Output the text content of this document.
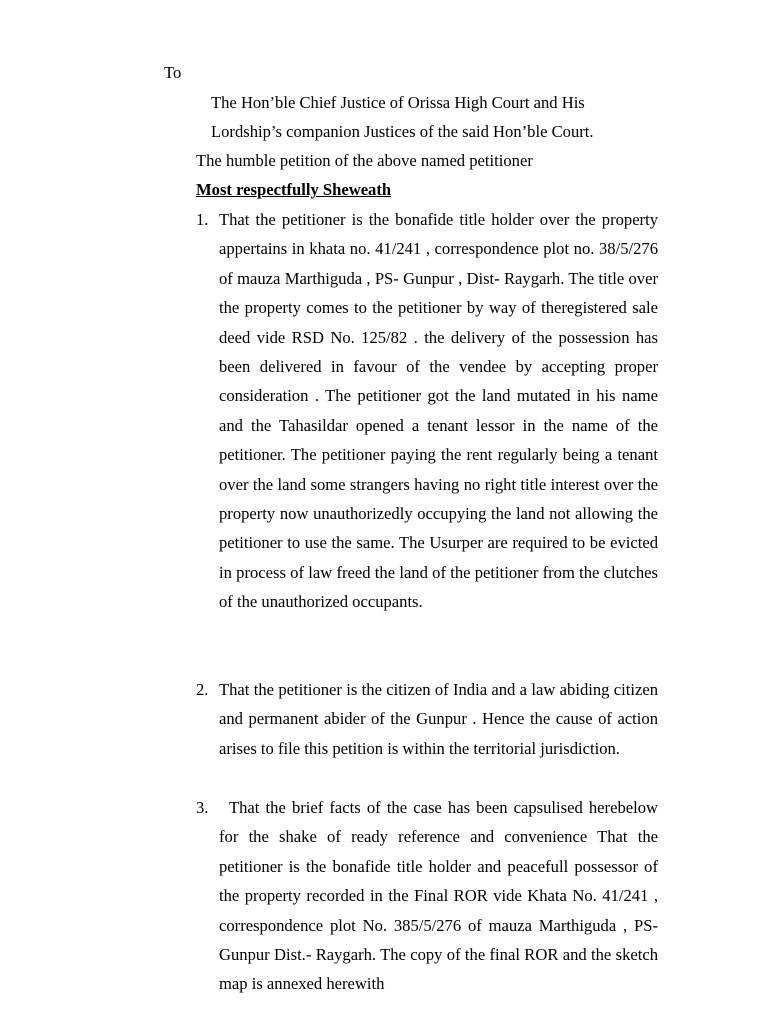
To
The Hon’ble Chief Justice of Orissa High Court and His
Lordship’s companion Justices of the said Hon’ble Court.
The humble petition of the above named petitioner
Most respectfully Sheweath
1. That the petitioner is the bonafide title holder over the property appertains in khata no. 41/241 , correspondence plot no. 38/5/276 of mauza Marthiguda , PS- Gunpur , Dist- Raygarh. The title over the property comes to the petitioner by way of theregistered sale deed vide RSD No. 125/82 . the delivery of the possession has been delivered in favour of the vendee by accepting proper consideration . The petitioner got the land mutated in his name and the Tahasildar opened a tenant lessor in the name of the petitioner. The petitioner paying the rent regularly being a tenant over the land some strangers having no right title interest over the property now unauthorizedly occupying the land not allowing the petitioner to use the same. The Usurper are required to be evicted in process of law freed the land of the petitioner from the clutches of the unauthorized occupants.
2. That the petitioner is the citizen of India and a law abiding citizen and permanent abider of the Gunpur . Hence the cause of action arises to file this petition is within the territorial jurisdiction.
3.	That the brief facts of the case has been capsulised herebelow for the shake of ready reference and convenience That the petitioner is the bonafide title holder and peacefull possessor of the property recorded in the Final ROR vide Khata No. 41/241 , correspondence plot No. 385/5/276 of mauza Marthiguda , PS- Gunpur Dist.- Raygarh. The copy of the final ROR and the sketch map is annexed herewith
